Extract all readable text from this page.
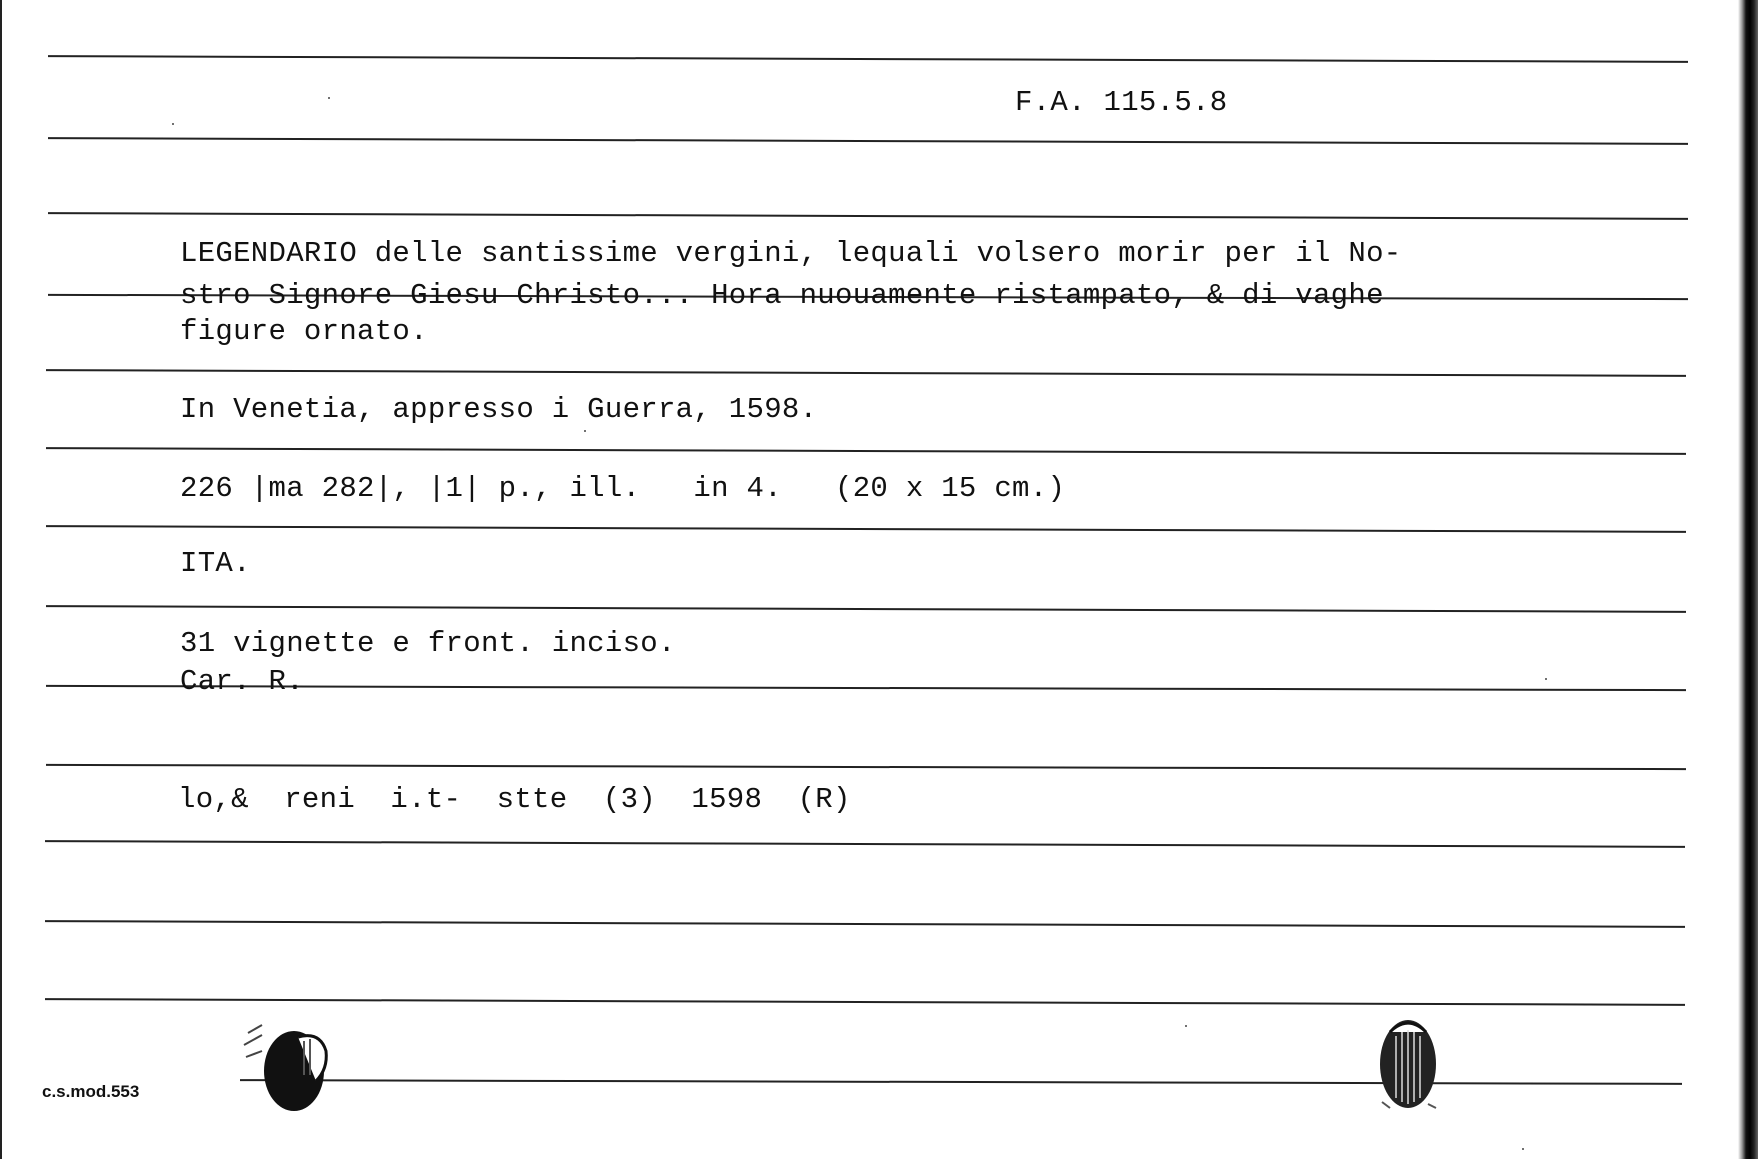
F.A. 115.5.8
LEGENDARIO delle santissime vergini, lequali volsero morir per il No-
stro Signore Giesu Christo... Hora nuouamente ristampato, & di vaghe
figure ornato.
In Venetia, appresso i Guerra, 1598.
226 |ma 282|, |1| p., ill.   in 4.   (20 x 15 cm.)
ITA.
31 vignette e front. inciso.
Car. R.
lo,&  reni  i.t-  stte  (3)  1598  (R)
c.s.mod.553
